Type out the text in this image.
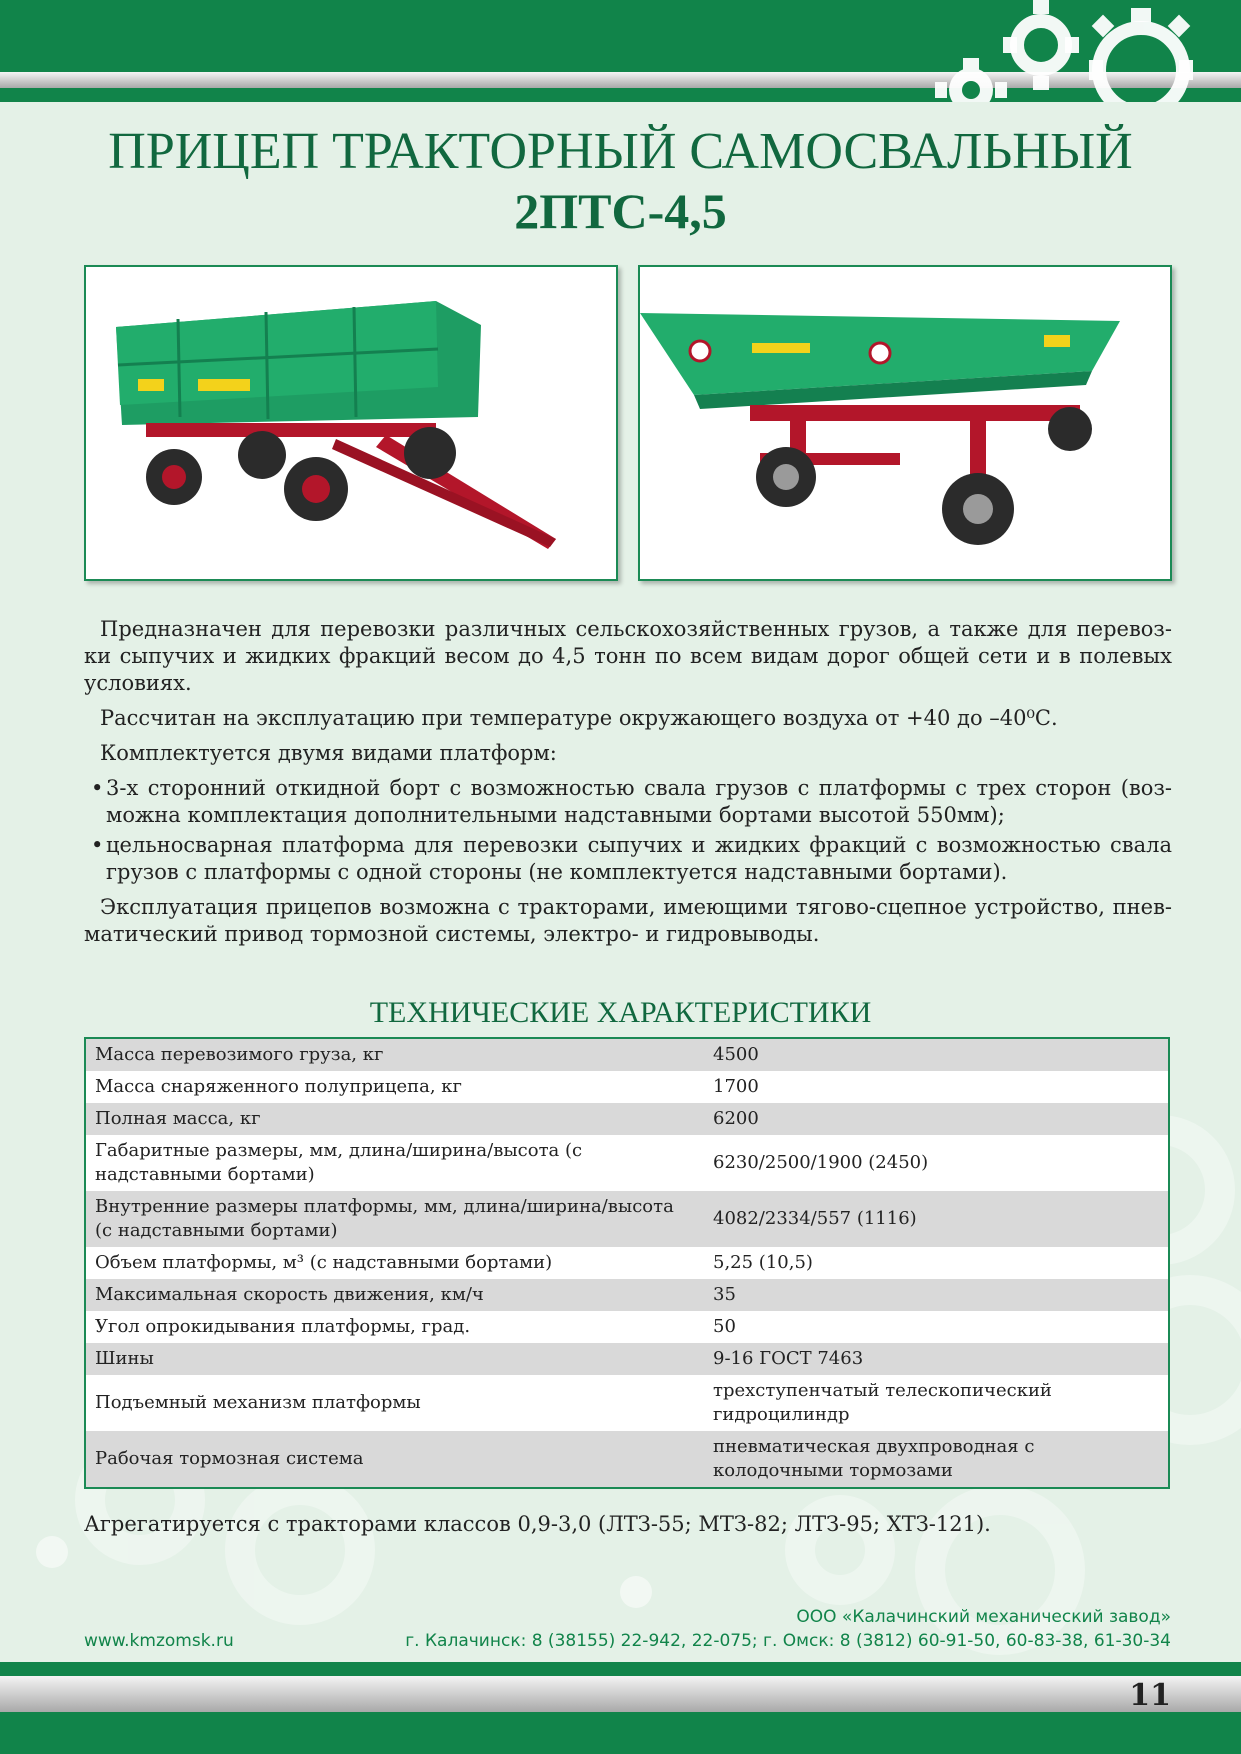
ПРИЦЕП ТРАКТОРНЫЙ САМОСВАЛЬНЫЙ
2ПТС-4,5

Предназначен для перевозки различных сельскохозяйственных грузов, а также для перевоз-ки сыпучих и жидких фракций весом до 4,5 тонн по всем видам дорог общей сети и в полевых условиях.

Рассчитан на эксплуатацию при температуре окружающего воздуха от +40 до –40⁰С.

Комплектуется двумя видами платформ:

• 3-х сторонний откидной борт с возможностью свала грузов с платформы с трех сторон (воз-можна комплектация дополнительными надставными бортами высотой 550мм);
• цельносварная платформа для перевозки сыпучих и жидких фракций с возможностью свала грузов с платформы с одной стороны (не комплектуется надставными бортами).

Эксплуатация прицепов возможна с тракторами, имеющими тягово-сцепное устройство, пнев-матический привод тормозной системы, электро- и гидровыводы.

ТЕХНИЧЕСКИЕ ХАРАКТЕРИСТИКИ
Масса перевозимого груза, кг	4500
Масса снаряженного полуприцепа, кг	1700
Полная масса, кг	6200
Габаритные размеры, мм, длина/ширина/высота (с надставными бортами)	6230/2500/1900 (2450)
Внутренние размеры платформы, мм, длина/ширина/высота (с надставными бортами)	4082/2334/557 (1116)
Объем платформы, м³ (с надставными бортами)	5,25 (10,5)
Максимальная скорость движения, км/ч	35
Угол опрокидывания платформы, град.	50
Шины	9-16 ГОСТ 7463
Подъемный механизм платформы	трехступенчатый телескопический гидроцилиндр
Рабочая тормозная система	пневматическая двухпроводная с колодочными тормозами
Агрегатируется с тракторами классов 0,9-3,0 (ЛТЗ-55; МТЗ-82; ЛТЗ-95; ХТЗ-121).
ООО «Калачинский механический завод»
www.kmzomsk.ru	г. Калачинск: 8 (38155) 22-942, 22-075; г. Омск: 8 (3812) 60-91-50, 60-83-38, 61-30-34
11
